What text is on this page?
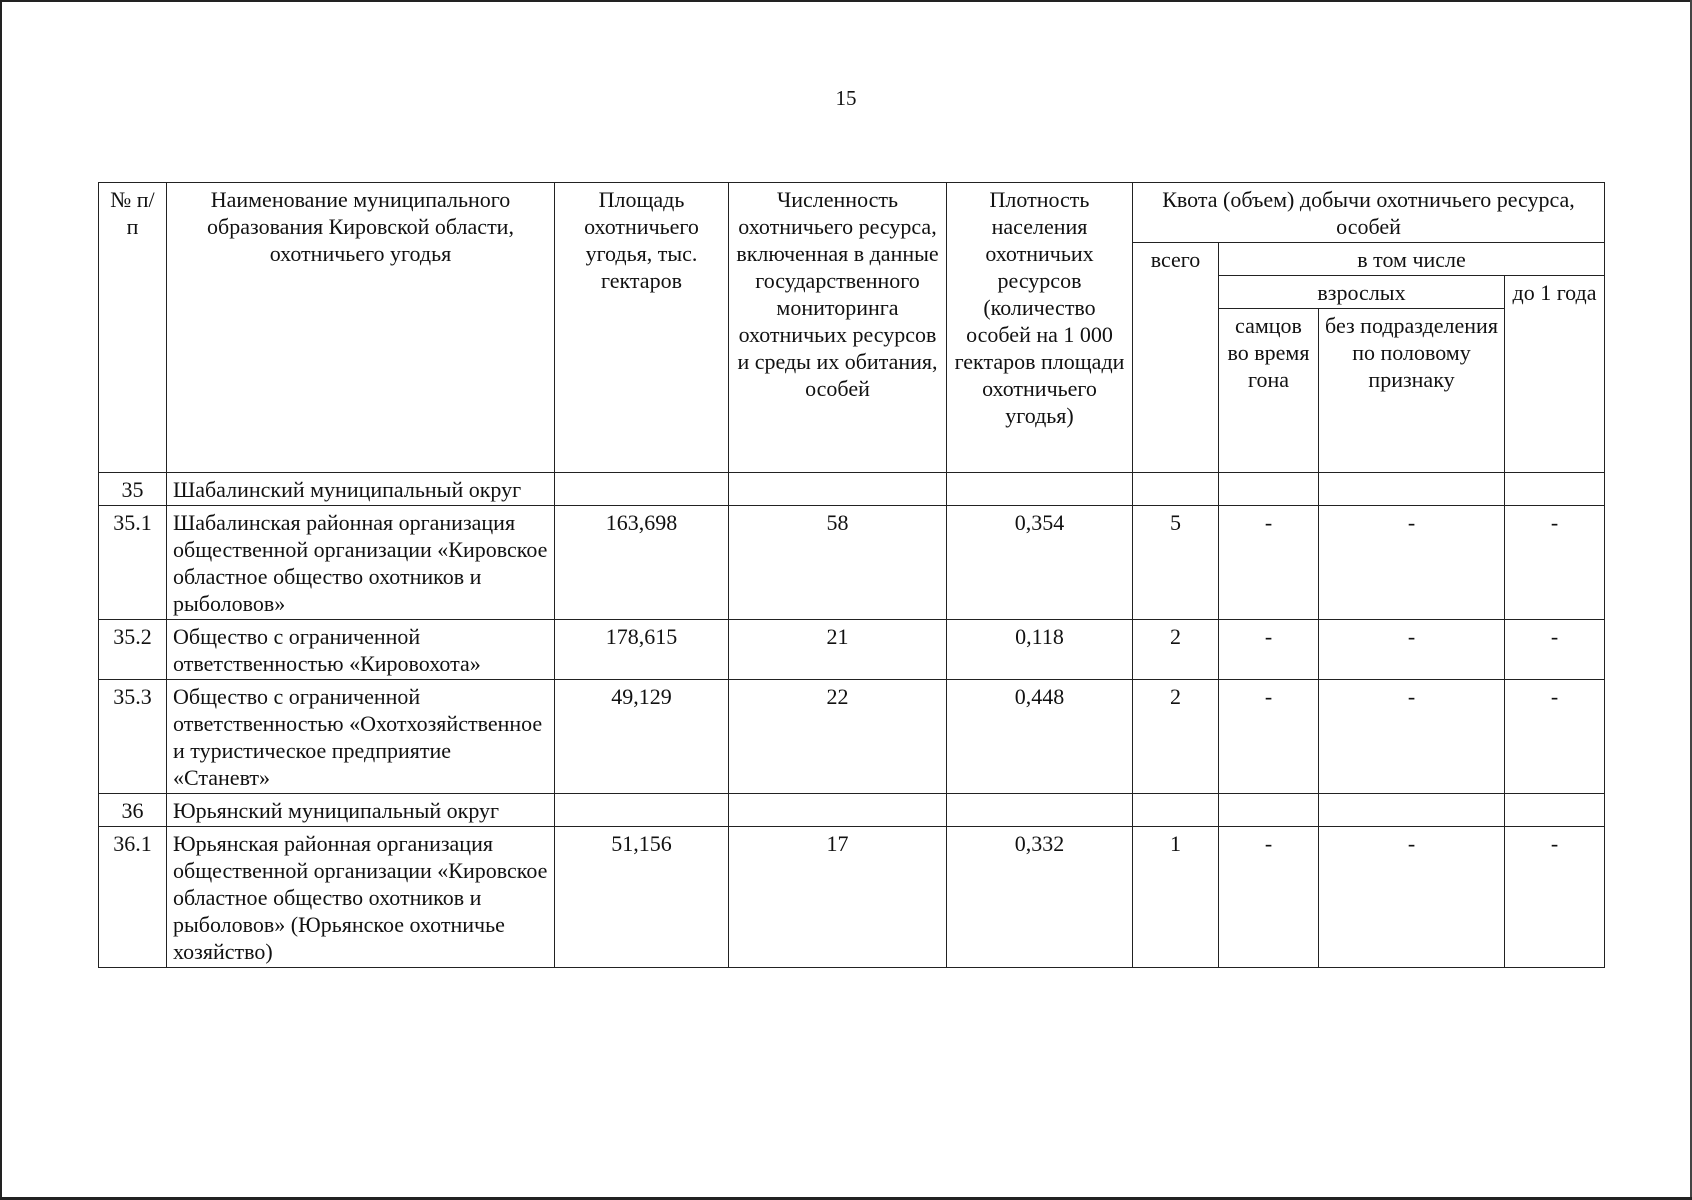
15
№ п/п	Наименование муниципального образования Кировской области, охотничьего угодья	Площадь охотничьего угодья, тыс. гектаров	Численность охотничьего ресурса, включенная в данные государственного мониторинга охотничьих ресурсов и среды их обитания, особей	Плотность населения охотничьих ресурсов (количество особей на 1 000 гектаров площади охотничьего угодья)	Квота (объем) добычи охотничьего ресурса, особей			
					всего	в том числе		
						взрослых		до 1 года
						самцов во время гона	без подразделения по половому признаку	
35	Шабалинский муниципальный округ							
35.1	Шабалинская районная организация общественной организации «Кировское областное общество охотников и рыболовов»	163,698	58	0,354	5	-	-	-
35.2	Общество с ограниченной ответственностью «Кировохота»	178,615	21	0,118	2	-	-	-
35.3	Общество с ограниченной ответственностью «Охотхозяйственное и туристическое предприятие «Станевт»	49,129	22	0,448	2	-	-	-
36	Юрьянский муниципальный округ							
36.1	Юрьянская районная организация общественной организации «Кировское областное общество охотников и рыболовов» (Юрьянское охотничье хозяйство)	51,156	17	0,332	1	-	-	-
